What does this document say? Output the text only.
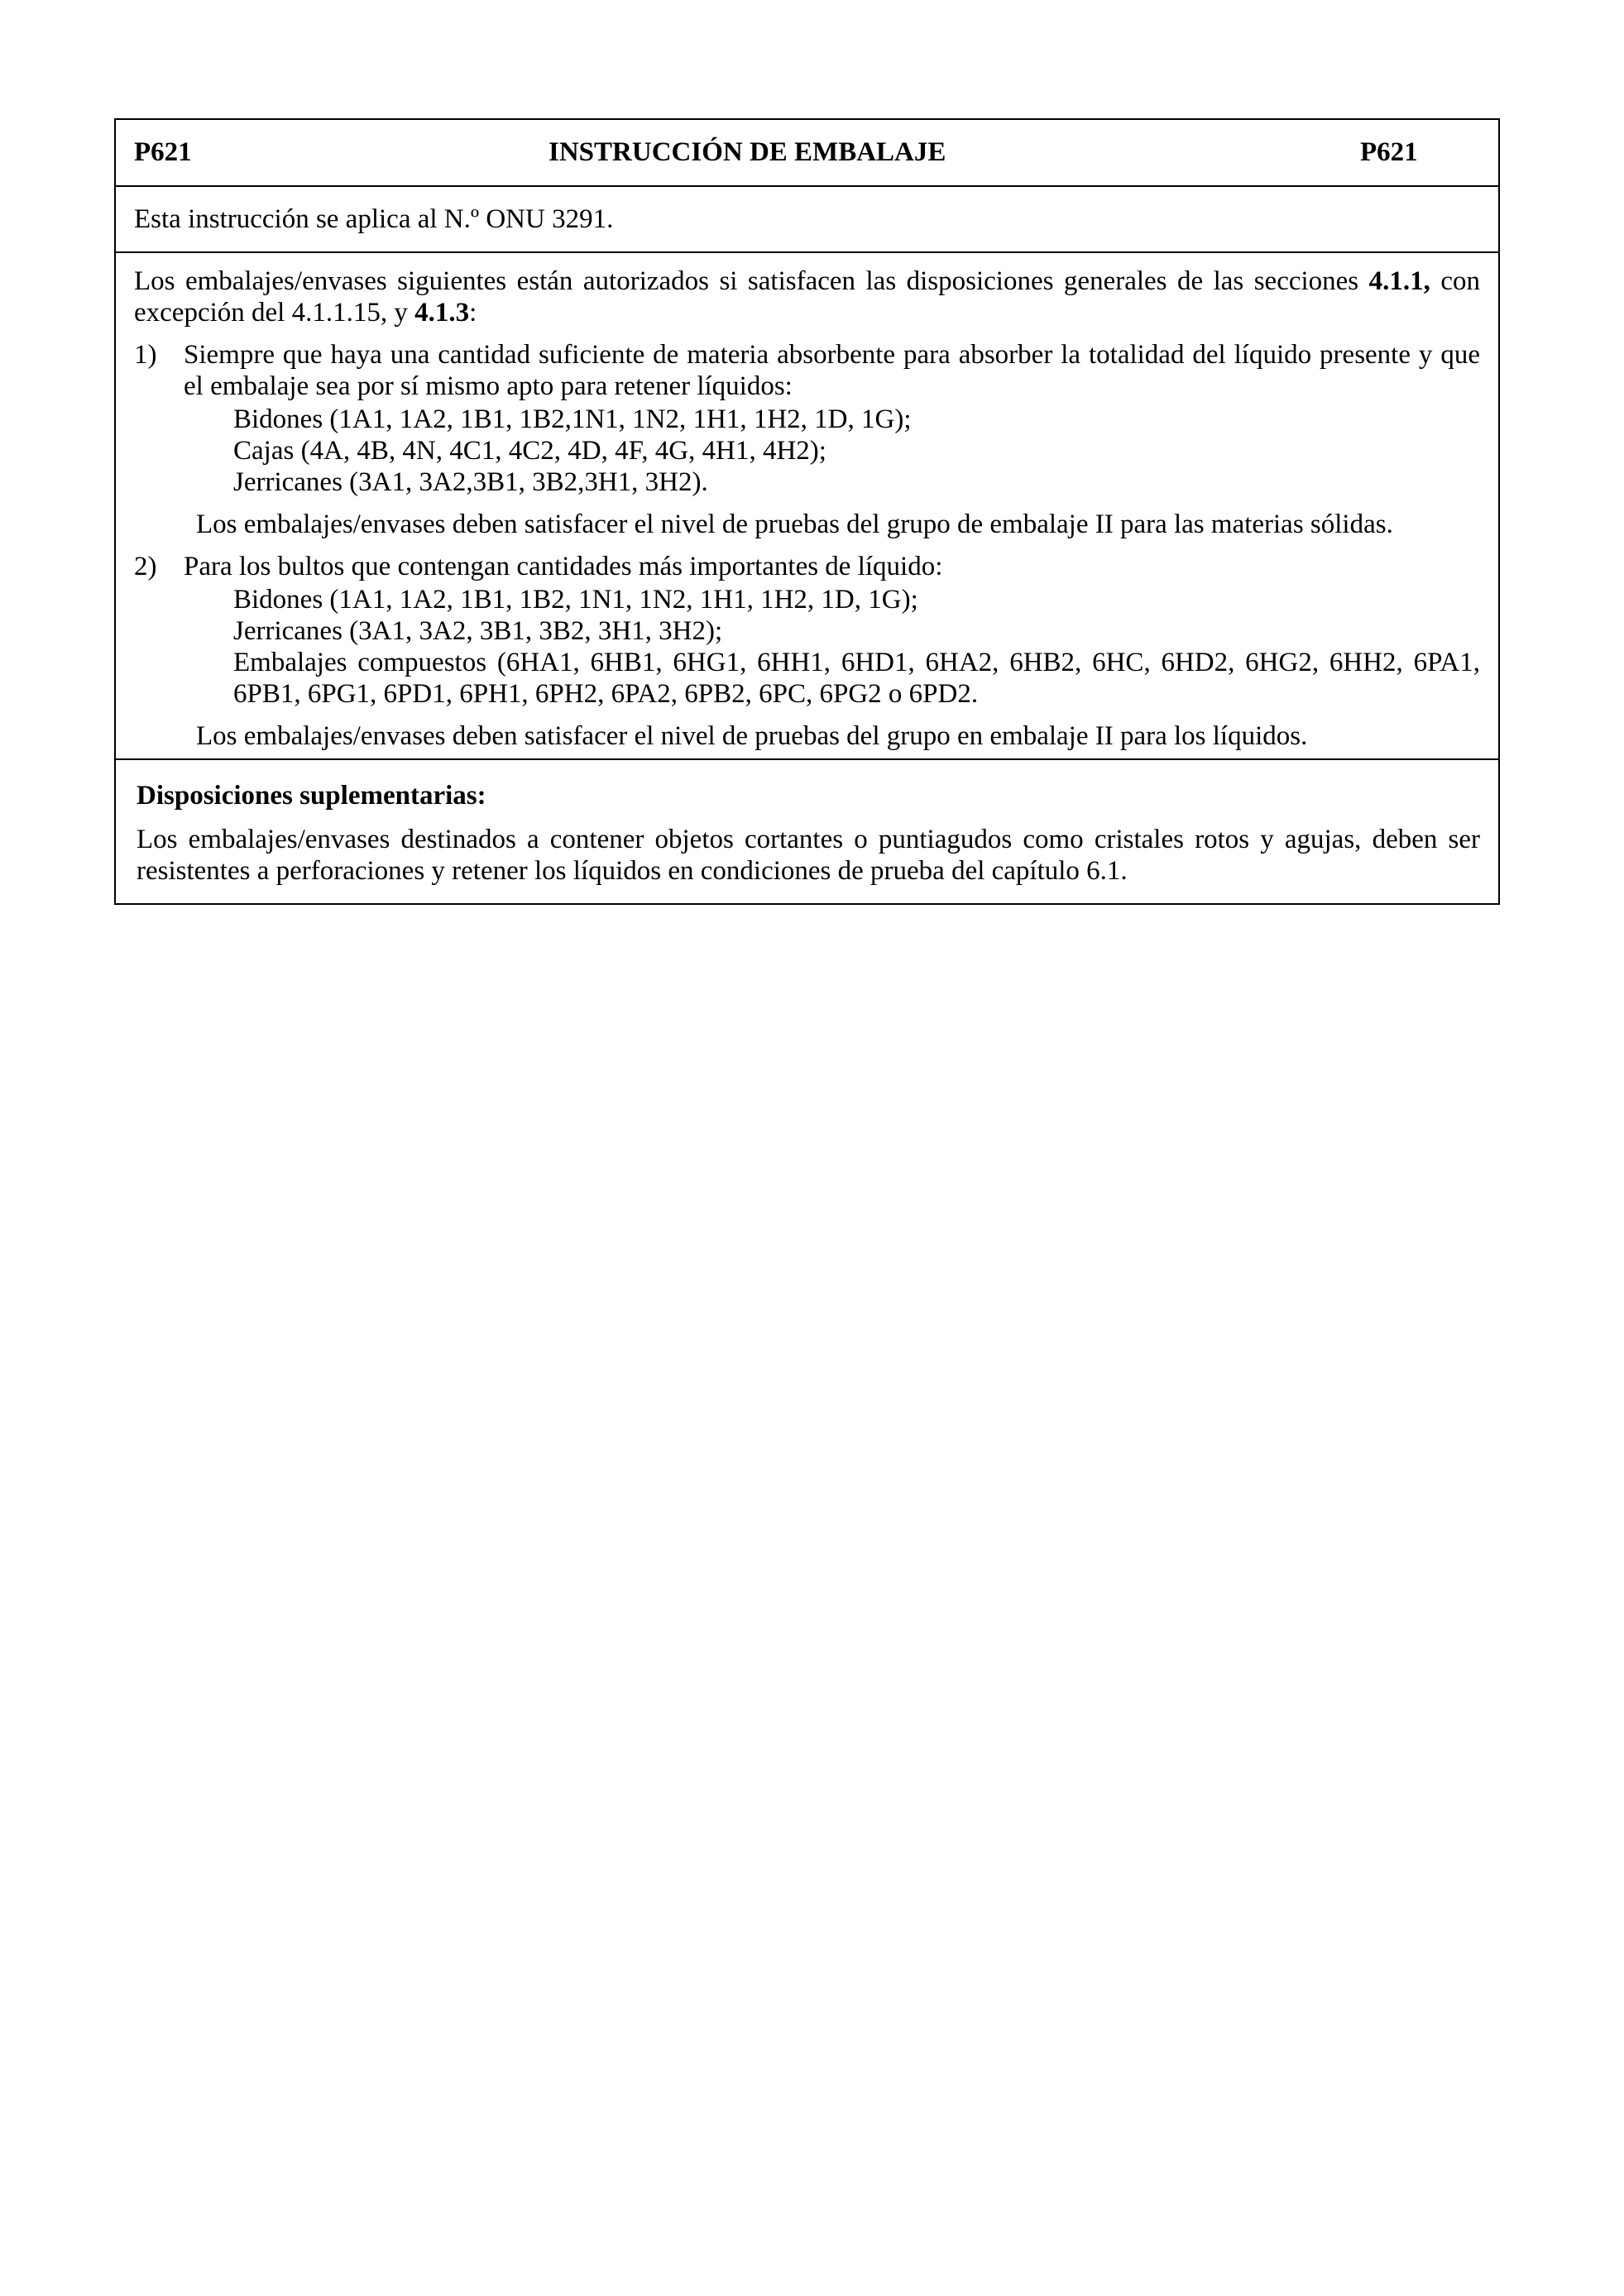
P621	INSTRUCCIÓN DE EMBALAJE	P621
Esta instrucción se aplica al N.º ONU 3291.

Los embalajes/envases siguientes están autorizados si satisfacen las disposiciones generales de las secciones 4.1.1, con excepción del 4.1.1.15, y 4.1.3:

1) Siempre que haya una cantidad suficiente de materia absorbente para absorber la totalidad del líquido presente y que el embalaje sea por sí mismo apto para retener líquidos:

Bidones (1A1, 1A2, 1B1, 1B2,1N1, 1N2, 1H1, 1H2, 1D, 1G);
Cajas (4A, 4B, 4N, 4C1, 4C2, 4D, 4F, 4G, 4H1, 4H2);
Jerricanes (3A1, 3A2,3B1, 3B2,3H1, 3H2).

Los embalajes/envases deben satisfacer el nivel de pruebas del grupo de embalaje II para las materias sólidas.

2) Para los bultos que contengan cantidades más importantes de líquido:

Bidones (1A1, 1A2, 1B1, 1B2, 1N1, 1N2, 1H1, 1H2, 1D, 1G);
Jerricanes (3A1, 3A2, 3B1, 3B2, 3H1, 3H2);
Embalajes compuestos (6HA1, 6HB1, 6HG1, 6HH1, 6HD1, 6HA2, 6HB2, 6HC, 6HD2, 6HG2, 6HH2, 6PA1, 6PB1, 6PG1, 6PD1, 6PH1, 6PH2, 6PA2, 6PB2, 6PC, 6PG2 o 6PD2.

Los embalajes/envases deben satisfacer el nivel de pruebas del grupo en embalaje II para los líquidos.

Disposiciones suplementarias:

Los embalajes/envases destinados a contener objetos cortantes o puntiagudos como cristales rotos y agujas, deben ser resistentes a perforaciones y retener los líquidos en condiciones de prueba del capítulo 6.1.
